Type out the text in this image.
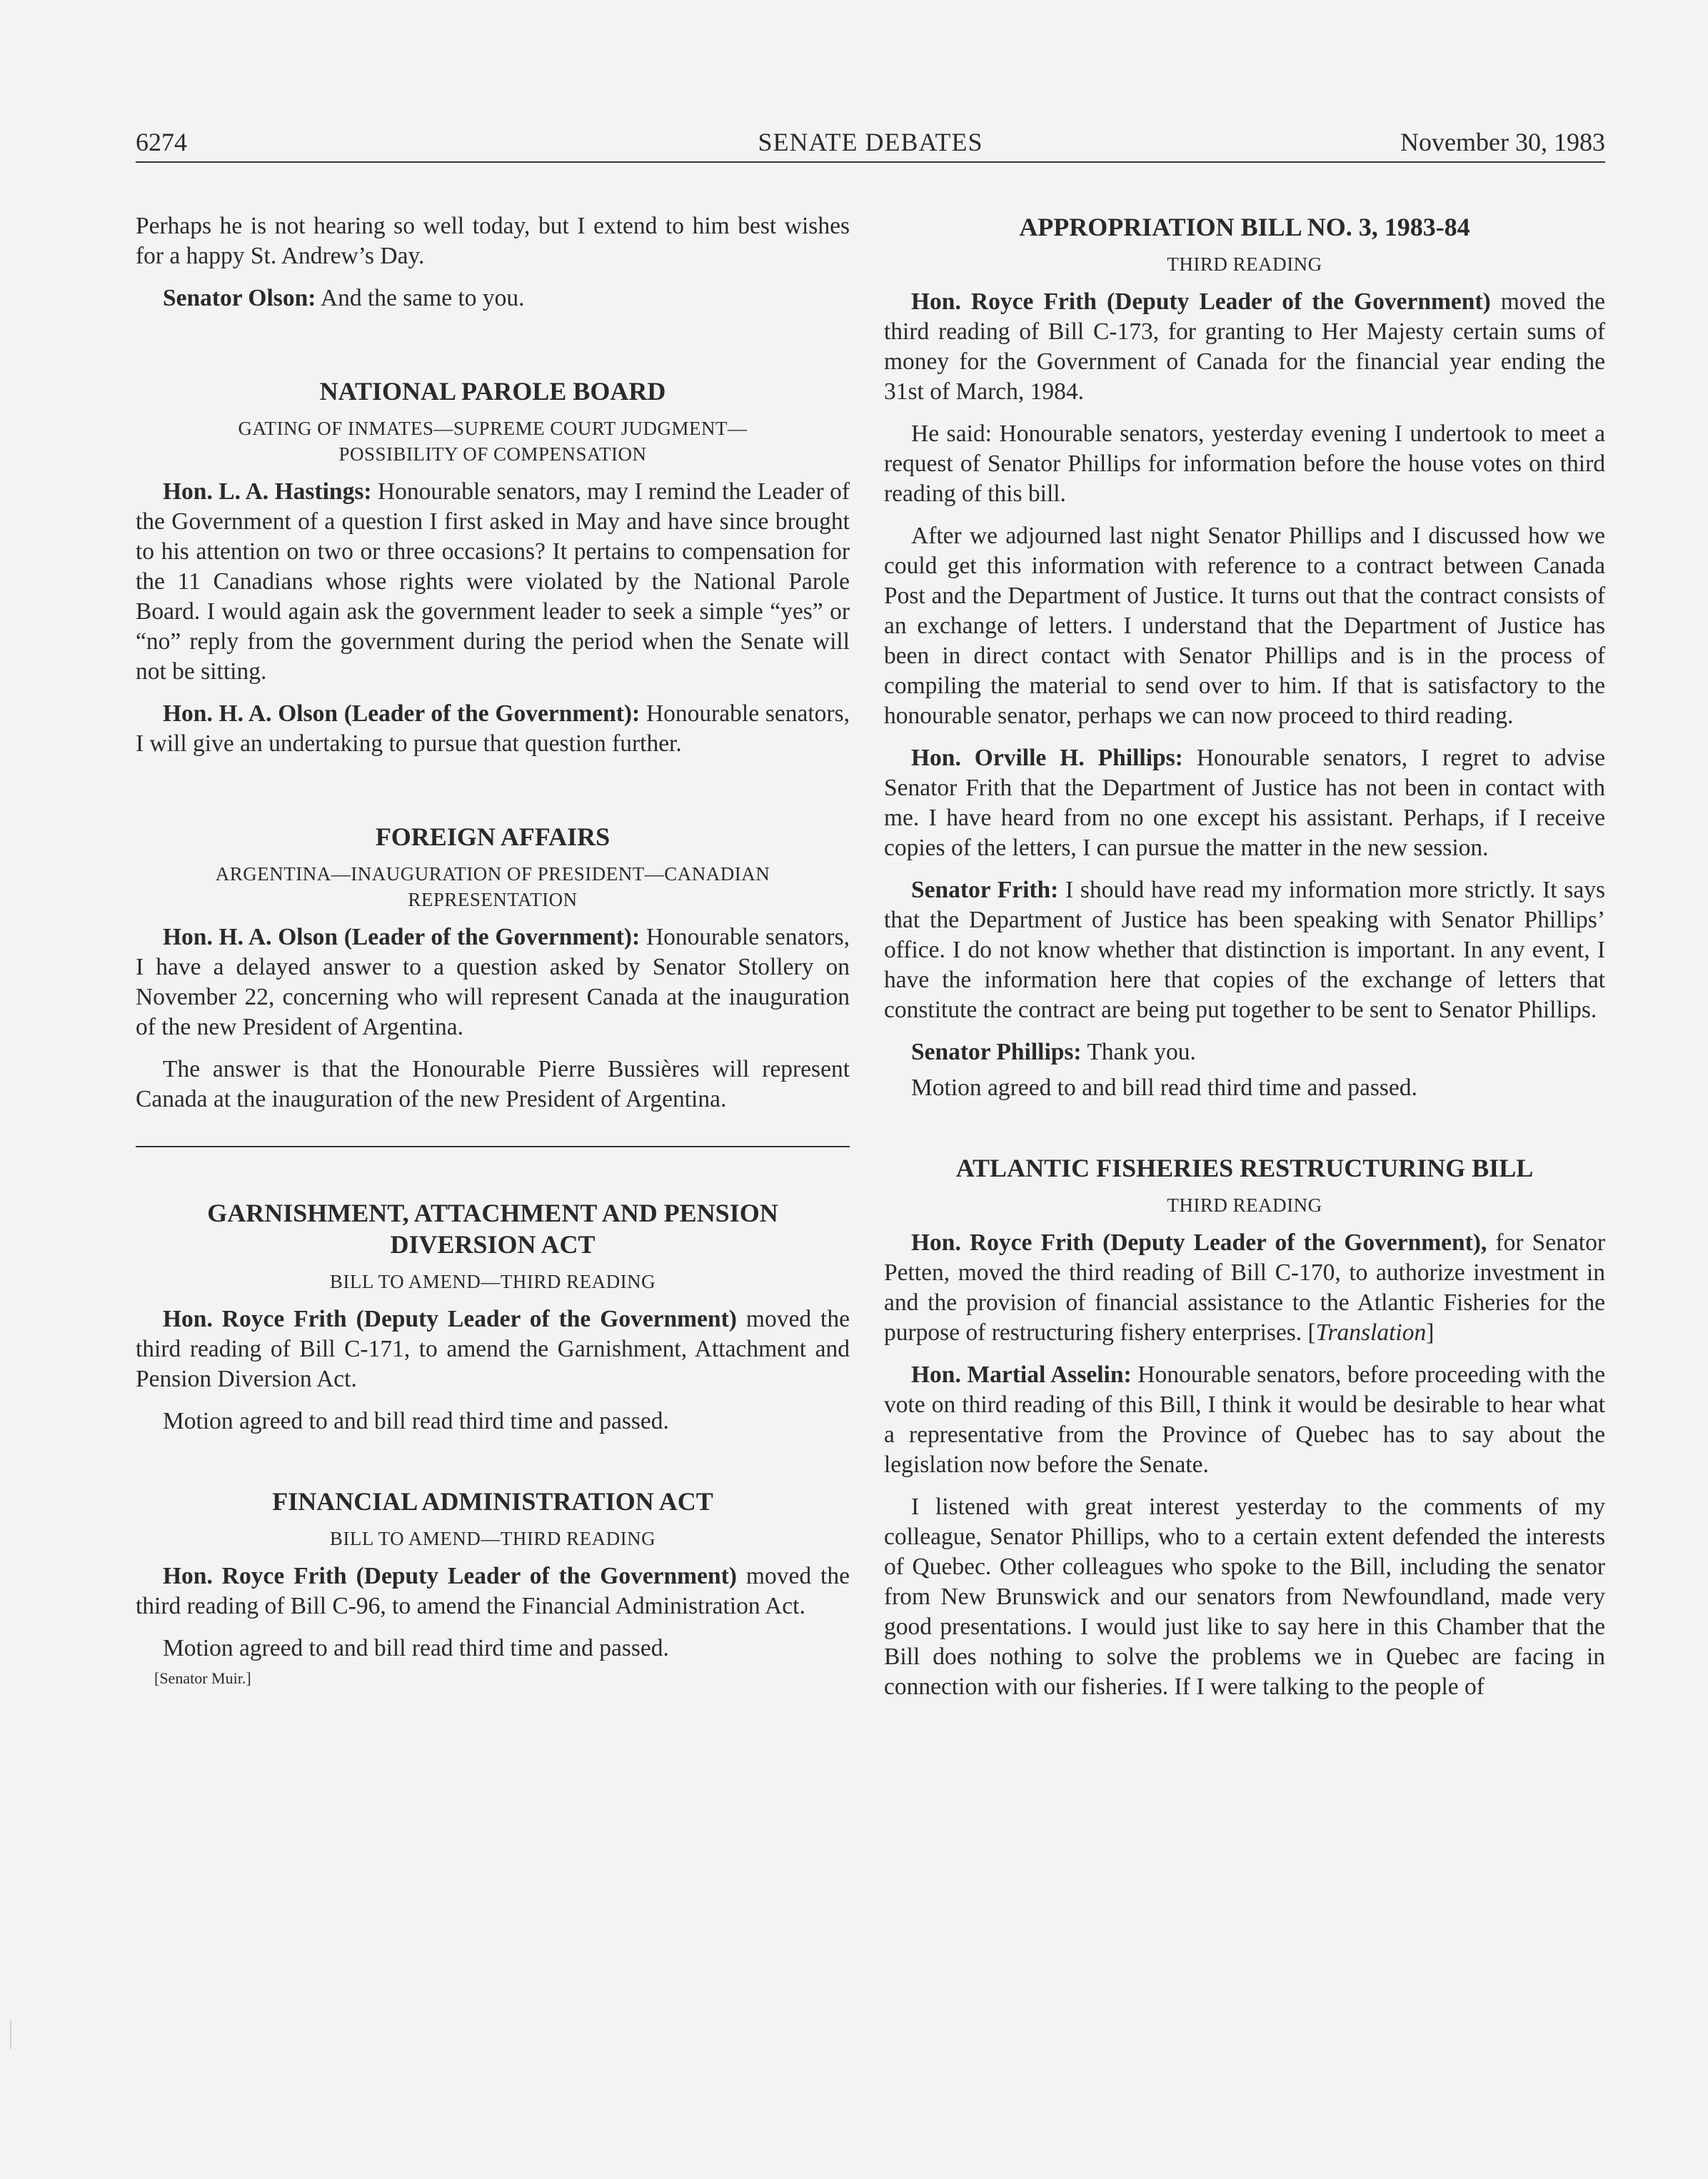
6274	SENATE DEBATES	November 30, 1983

Perhaps he is not hearing so well today, but I extend to him best wishes for a happy St. Andrew’s Day.

Senator Olson: And the same to you.

NATIONAL PAROLE BOARD
GATING OF INMATES—SUPREME COURT JUDGMENT—POSSIBILITY OF COMPENSATION

Hon. L. A. Hastings: Honourable senators, may I remind the Leader of the Government of a question I first asked in May and have since brought to his attention on two or three occasions? It pertains to compensation for the 11 Canadians whose rights were violated by the National Parole Board. I would again ask the government leader to seek a simple “yes” or “no” reply from the government during the period when the Senate will not be sitting.

Hon. H. A. Olson (Leader of the Government): Honourable senators, I will give an undertaking to pursue that question further.

FOREIGN AFFAIRS
ARGENTINA—INAUGURATION OF PRESIDENT—CANADIAN REPRESENTATION

Hon. H. A. Olson (Leader of the Government): Honourable senators, I have a delayed answer to a question asked by Senator Stollery on November 22, concerning who will represent Canada at the inauguration of the new President of Argentina.

The answer is that the Honourable Pierre Bussières will represent Canada at the inauguration of the new President of Argentina.

GARNISHMENT, ATTACHMENT AND PENSION DIVERSION ACT
BILL TO AMEND—THIRD READING

Hon. Royce Frith (Deputy Leader of the Government) moved the third reading of Bill C-171, to amend the Garnishment, Attachment and Pension Diversion Act.

Motion agreed to and bill read third time and passed.

FINANCIAL ADMINISTRATION ACT
BILL TO AMEND—THIRD READING

Hon. Royce Frith (Deputy Leader of the Government) moved the third reading of Bill C-96, to amend the Financial Administration Act.

Motion agreed to and bill read third time and passed.

[Senator Muir.]

APPROPRIATION BILL NO. 3, 1983-84
THIRD READING

Hon. Royce Frith (Deputy Leader of the Government) moved the third reading of Bill C-173, for granting to Her Majesty certain sums of money for the Government of Canada for the financial year ending the 31st of March, 1984.

He said: Honourable senators, yesterday evening I undertook to meet a request of Senator Phillips for information before the house votes on third reading of this bill.

After we adjourned last night Senator Phillips and I discussed how we could get this information with reference to a contract between Canada Post and the Department of Justice. It turns out that the contract consists of an exchange of letters. I understand that the Department of Justice has been in direct contact with Senator Phillips and is in the process of compiling the material to send over to him. If that is satisfactory to the honourable senator, perhaps we can now proceed to third reading.

Hon. Orville H. Phillips: Honourable senators, I regret to advise Senator Frith that the Department of Justice has not been in contact with me. I have heard from no one except his assistant. Perhaps, if I receive copies of the letters, I can pursue the matter in the new session.

Senator Frith: I should have read my information more strictly. It says that the Department of Justice has been speaking with Senator Phillips’ office. I do not know whether that distinction is important. In any event, I have the information here that copies of the exchange of letters that constitute the contract are being put together to be sent to Senator Phillips.

Senator Phillips: Thank you.

Motion agreed to and bill read third time and passed.

ATLANTIC FISHERIES RESTRUCTURING BILL
THIRD READING

Hon. Royce Frith (Deputy Leader of the Government), for Senator Petten, moved the third reading of Bill C-170, to authorize investment in and the provision of financial assistance to the Atlantic Fisheries for the purpose of restructuring fishery enterprises. [Translation]

Hon. Martial Asselin: Honourable senators, before proceeding with the vote on third reading of this Bill, I think it would be desirable to hear what a representative from the Province of Quebec has to say about the legislation now before the Senate.

I listened with great interest yesterday to the comments of my colleague, Senator Phillips, who to a certain extent defended the interests of Quebec. Other colleagues who spoke to the Bill, including the senator from New Brunswick and our senators from Newfoundland, made very good presentations. I would just like to say here in this Chamber that the Bill does nothing to solve the problems we in Quebec are facing in connection with our fisheries. If I were talking to the people of
